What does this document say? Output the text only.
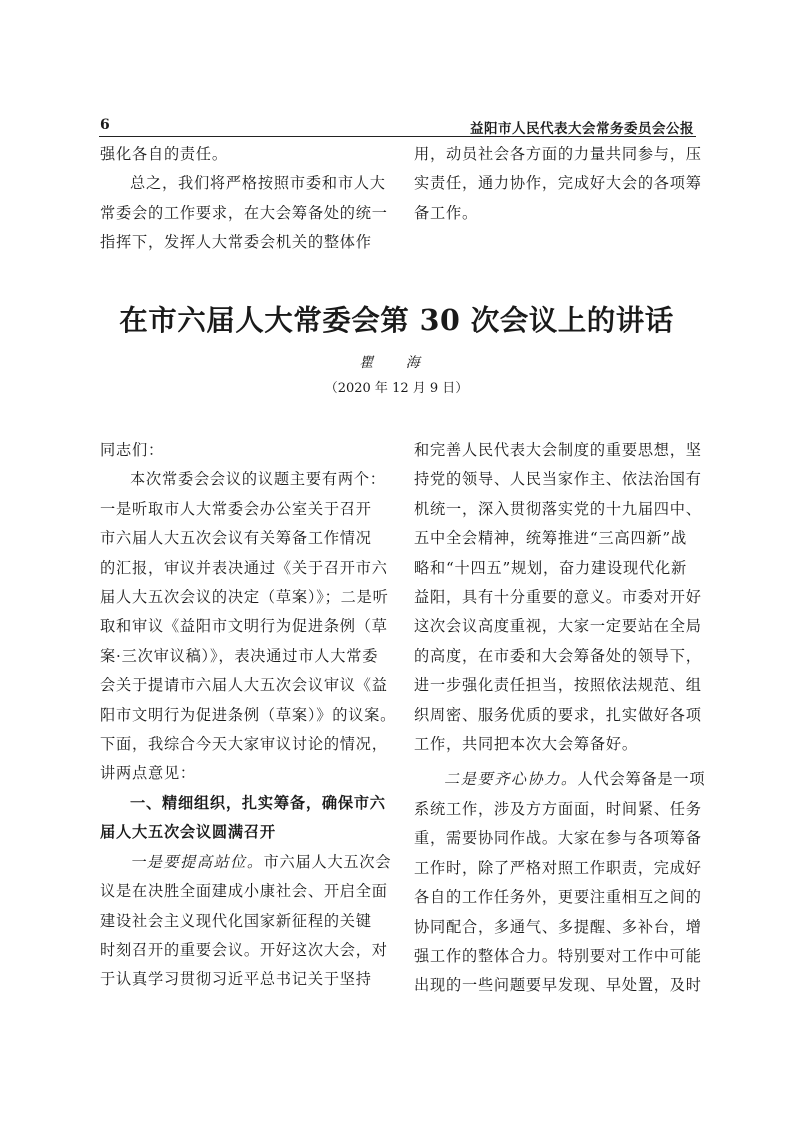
6	益阳市人民代表大会常务委员会公报

强化各自的责任。

总之，我们将严格按照市委和市人大

常委会的工作要求，在大会筹备处的统一

指挥下，发挥人大常委会机关的整体作

用，动员社会各方面的力量共同参与，压

实责任，通力协作，完成好大会的各项筹

备工作。

在市六届人大常委会第 30 次会议上的讲话
瞿 海
（2020 年 12 月 9 日）

同志们：

本次常委会会议的议题主要有两个：

一是听取市人大常委会办公室关于召开

市六届人大五次会议有关筹备工作情况

的汇报，审议并表决通过《关于召开市六

届人大五次会议的决定（草案）》；二是听

取和审议《益阳市文明行为促进条例（草

案·三次审议稿）》，表决通过市人大常委

会关于提请市六届人大五次会议审议《益

阳市文明行为促进条例（草案）》的议案。

下面，我综合今天大家审议讨论的情况，

讲两点意见：

一、精细组织，扎实筹备，确保市六

届人大五次会议圆满召开

一是要提高站位。市六届人大五次会

议是在决胜全面建成小康社会、开启全面

建设社会主义现代化国家新征程的关键

时刻召开的重要会议。开好这次大会，对

于认真学习贯彻习近平总书记关于坚持

和完善人民代表大会制度的重要思想，坚

持党的领导、人民当家作主、依法治国有

机统一，深入贯彻落实党的十九届四中、

五中全会精神，统筹推进“三高四新”战

略和“十四五”规划，奋力建设现代化新

益阳，具有十分重要的意义。市委对开好

这次会议高度重视，大家一定要站在全局

的高度，在市委和大会筹备处的领导下，

进一步强化责任担当，按照依法规范、组

织周密、服务优质的要求，扎实做好各项

工作，共同把本次大会筹备好。

二是要齐心协力。人代会筹备是一项

系统工作，涉及方方面面，时间紧、任务

重，需要协同作战。大家在参与各项筹备

工作时，除了严格对照工作职责，完成好

各自的工作任务外，更要注重相互之间的

协同配合，多通气、多提醒、多补台，增

强工作的整体合力。特别要对工作中可能

出现的一些问题要早发现、早处置，及时
